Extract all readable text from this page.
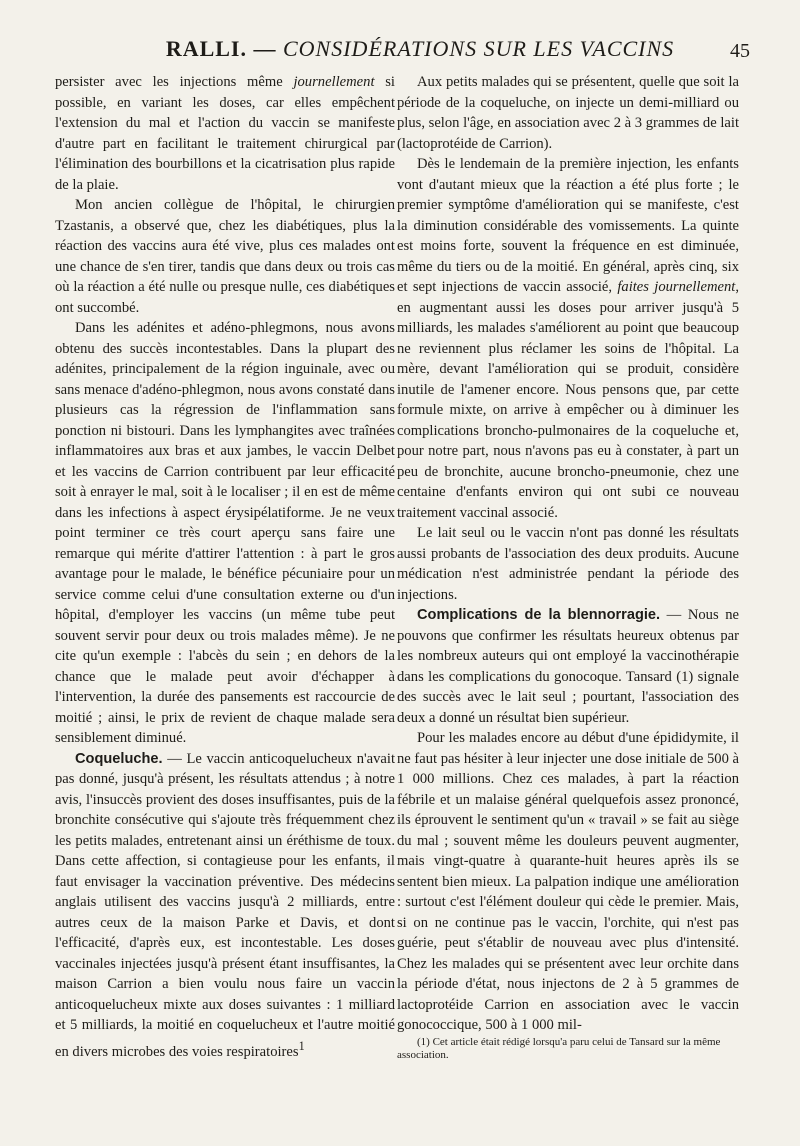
RALLI. — CONSIDÉRATIONS SUR LES VACCINS	45

persister avec les injections même journellement si possible, en variant les doses, car elles empêchent l'extension du mal et l'action du vaccin se manifeste d'autre part en facilitant le traitement chirurgical par l'élimination des bourbillons et la cicatrisation plus rapide de la plaie.

Mon ancien collègue de l'hôpital, le chirurgien Tzastanis, a observé que, chez les diabétiques, plus la réaction des vaccins aura été vive, plus ces malades ont une chance de s'en tirer, tandis que dans deux ou trois cas où la réaction a été nulle ou presque nulle, ces diabétiques ont succombé.

Dans les adénites et adéno-phlegmons, nous avons obtenu des succès incontestables. Dans la plupart des adénites, principalement de la région inguinale, avec ou sans menace d'adéno-phlegmon, nous avons constaté dans plusieurs cas la régression de l'inflammation sans ponction ni bistouri. Dans les lymphangites avec traînées inflammatoires aux bras et aux jambes, le vaccin Delbet et les vaccins de Carrion contribuent par leur efficacité soit à enrayer le mal, soit à le localiser ; il en est de même dans les infections à aspect érysipélatiforme. Je ne veux point terminer ce très court aperçu sans faire une remarque qui mérite d'attirer l'attention : à part le gros avantage pour le malade, le bénéfice pécuniaire pour un service comme celui d'une consultation externe ou d'un hôpital, d'employer les vaccins (un même tube peut souvent servir pour deux ou trois malades même). Je ne cite qu'un exemple : l'abcès du sein ; en dehors de la chance que le malade peut avoir d'échapper à l'intervention, la durée des pansements est raccourcie de moitié ; ainsi, le prix de revient de chaque malade sera sensiblement diminué.

Coqueluche. — Le vaccin anticoquelucheux n'avait pas donné, jusqu'à présent, les résultats attendus ; à notre avis, l'insuccès provient des doses insuffisantes, puis de la bronchite consécutive qui s'ajoute très fréquemment chez les petits malades, entretenant ainsi un éréthisme de toux. Dans cette affection, si contagieuse pour les enfants, il faut envisager la vaccination préventive. Des médecins anglais utilisent des vaccins jusqu'à 2 milliards, entre autres ceux de la maison Parke et Davis, et dont l'efficacité, d'après eux, est incontestable. Les doses vaccinales injectées jusqu'à présent étant insuffisantes, la maison Carrion a bien voulu nous faire un vaccin anticoquelucheux mixte aux doses suivantes : 1 milliard et 5 milliards, la moitié en coquelucheux et l'autre moitié en divers microbes des voies respiratoires$^1$

Aux petits malades qui se présentent, quelle que soit la période de la coqueluche, on injecte un demi-milliard ou plus, selon l'âge, en association avec 2 à 3 grammes de lait (lactoprotéide de Carrion).

Dès le lendemain de la première injection, les enfants vont d'autant mieux que la réaction a été plus forte ; le premier symptôme d'amélioration qui se manifeste, c'est la diminution considérable des vomissements. La quinte est moins forte, souvent la fréquence en est diminuée, même du tiers ou de la moitié. En général, après cinq, six et sept injections de vaccin associé, faites journellement, en augmentant aussi les doses pour arriver jusqu'à 5 milliards, les malades s'améliorent au point que beaucoup ne reviennent plus réclamer les soins de l'hôpital. La mère, devant l'amélioration qui se produit, considère inutile de l'amener encore. Nous pensons que, par cette formule mixte, on arrive à empêcher ou à diminuer les complications broncho-pulmonaires de la coqueluche et, pour notre part, nous n'avons pas eu à constater, à part un peu de bronchite, aucune broncho-pneumonie, chez une centaine d'enfants environ qui ont subi ce nouveau traitement vaccinal associé.

Le lait seul ou le vaccin n'ont pas donné les résultats aussi probants de l'association des deux produits. Aucune médication n'est administrée pendant la période des injections.

Complications de la blennorragie. — Nous ne pouvons que confirmer les résultats heureux obtenus par les nombreux auteurs qui ont employé la vaccinothérapie dans les complications du gonocoque. Tansard (1) signale des succès avec le lait seul ; pourtant, l'association des deux a donné un résultat bien supérieur.

Pour les malades encore au début d'une épididymite, il ne faut pas hésiter à leur injecter une dose initiale de 500 à 1 000 millions. Chez ces malades, à part la réaction fébrile et un malaise général quelquefois assez prononcé, ils éprouvent le sentiment qu'un « travail » se fait au siège du mal ; souvent même les douleurs peuvent augmenter, mais vingt-quatre à quarante-huit heures après ils se sentent bien mieux. La palpation indique une amélioration : surtout c'est l'élément douleur qui cède le premier. Mais, si on ne continue pas le vaccin, l'orchite, qui n'est pas guérie, peut s'établir de nouveau avec plus d'intensité. Chez les malades qui se présentent avec leur orchite dans la période d'état, nous injectons de 2 à 5 grammes de lactoprotéide Carrion en association avec le vaccin gonococcique, 500 à 1 000 mil-

(1) Cet article était rédigé lorsqu'a paru celui de Tansard sur la même association.
